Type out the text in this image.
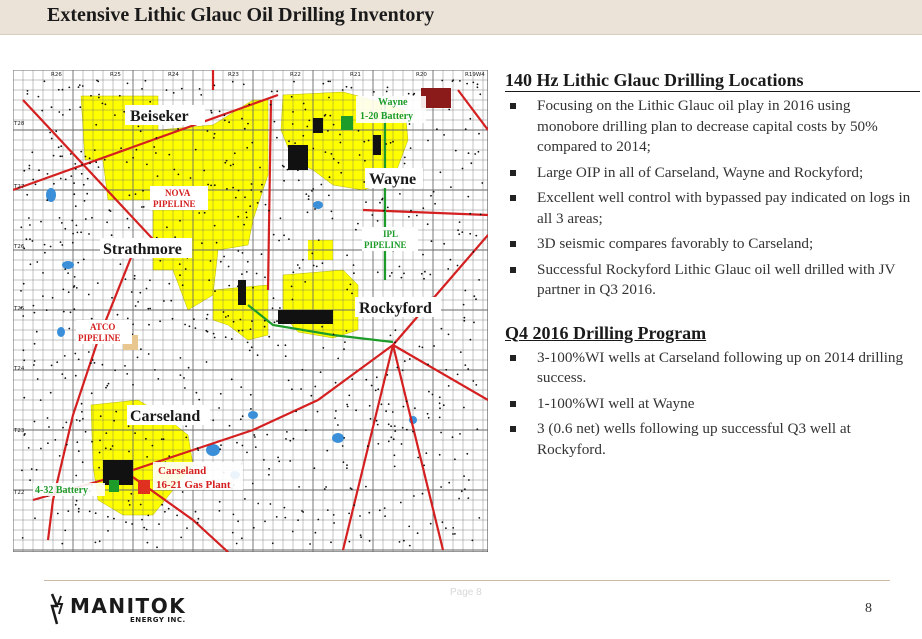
Extensive Lithic Glauc Oil Drilling Inventory
R26	R25	R24	R23	R22	R21	R20	R19W4
T28
T27
T26
T25
T24
T23
T22
Beiseker
Wayne
Strathmore
Rockyford
Carseland
Wayne
1-20 Battery
4-32 Battery
Carseland
16-21 Gas Plant
NOVA
PIPELINE
IPL
PIPELINE
ATCO
PIPELINE
140 Hz Lithic Glauc Drilling Locations
Focusing on the Lithic Glauc oil play in 2016 using monobore drilling plan to decrease capital costs by 50% compared to 2014;
Large OIP in all of Carseland, Wayne and Rockyford;
Excellent well control with bypassed pay indicated on logs in all 3 areas;
3D seismic compares favorably to Carseland;
Successful Rockyford Lithic Glauc oil well drilled with JV partner in Q3 2016.
Q4 2016 Drilling Program
3-100%WI wells at Carseland following up on 2014 drilling success.
1-100%WI well at Wayne
3 (0.6 net) wells following up successful Q3 well at Rockyford.
Page 8
8
MANITOK
ENERGY INC.
